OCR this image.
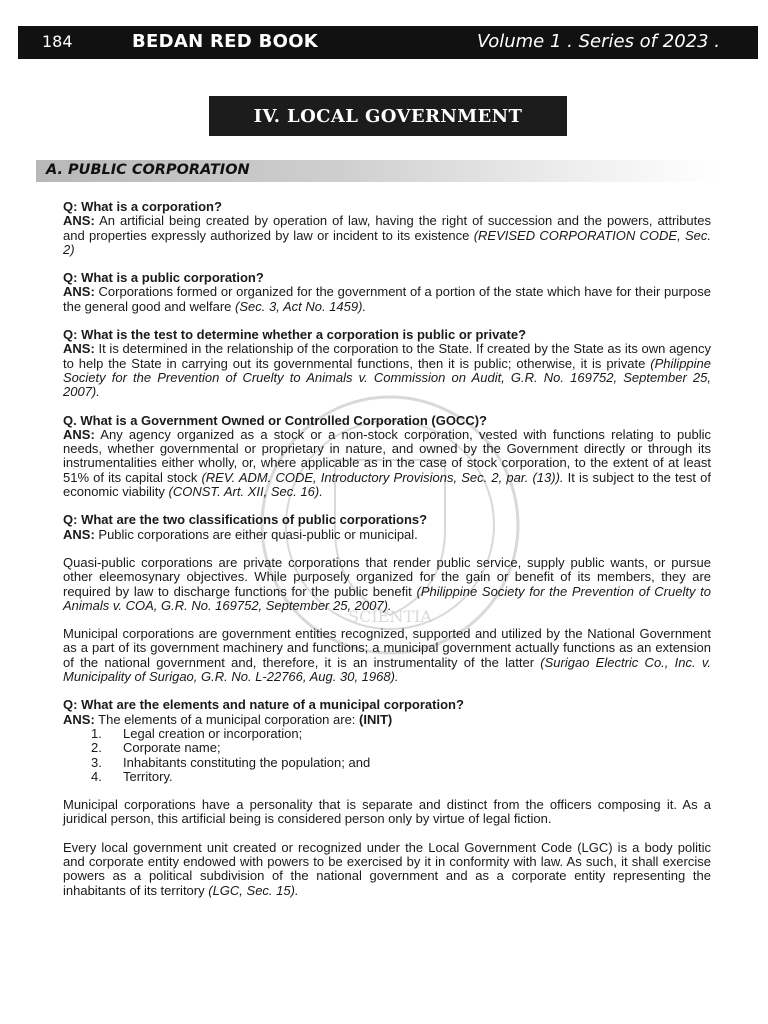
184	BEDAN RED BOOK	Volume 1 . Series of 2023 .
IV. LOCAL GOVERNMENT
A. PUBLIC CORPORATION
SCIENTIA

Q: What is a corporation?

ANS: An artificial being created by operation of law, having the right of succession and the powers, attributes and properties expressly authorized by law or incident to its existence (REVISED CORPORATION CODE, Sec. 2)

Q: What is a public corporation?

ANS: Corporations formed or organized for the government of a portion of the state which have for their purpose the general good and welfare (Sec. 3, Act No. 1459).

Q: What is the test to determine whether a corporation is public or private?

ANS: It is determined in the relationship of the corporation to the State. If created by the State as its own agency to help the State in carrying out its governmental functions, then it is public; otherwise, it is private (Philippine Society for the Prevention of Cruelty to Animals v. Commission on Audit, G.R. No. 169752, September 25, 2007).

Q. What is a Government Owned or Controlled Corporation (GOCC)?

ANS: Any agency organized as a stock or a non-stock corporation, vested with functions relating to public needs, whether governmental or proprietary in nature, and owned by the Government directly or through its instrumentalities either wholly, or, where applicable as in the case of stock corporation, to the extent of at least 51% of its capital stock (REV. ADM. CODE, Introductory Provisions, Sec. 2, par. (13)). It is subject to the test of economic viability (CONST. Art. XII, Sec. 16).

Q: What are the two classifications of public corporations?

ANS: Public corporations are either quasi-public or municipal.

Quasi-public corporations are private corporations that render public service, supply public wants, or pursue other eleemosynary objectives. While purposely organized for the gain or benefit of its members, they are required by law to discharge functions for the public benefit (Philippine Society for the Prevention of Cruelty to Animals v. COA, G.R. No. 169752, September 25, 2007).

Municipal corporations are government entities recognized, supported and utilized by the National Government as a part of its government machinery and functions; a municipal government actually functions as an extension of the national government and, therefore, it is an instrumentality of the latter (Surigao Electric Co., Inc. v. Municipality of Surigao, G.R. No. L-22766, Aug. 30, 1968).

Q: What are the elements and nature of a municipal corporation?

ANS: The elements of a municipal corporation are: (INIT)

1. Legal creation or incorporation;
2. Corporate name;
3. Inhabitants constituting the population; and
4. Territory.

Municipal corporations have a personality that is separate and distinct from the officers composing it. As a juridical person, this artificial being is considered person only by virtue of legal fiction.

Every local government unit created or recognized under the Local Government Code (LGC) is a body politic and corporate entity endowed with powers to be exercised by it in conformity with law. As such, it shall exercise powers as a political subdivision of the national government and as a corporate entity representing the inhabitants of its territory (LGC, Sec. 15).
